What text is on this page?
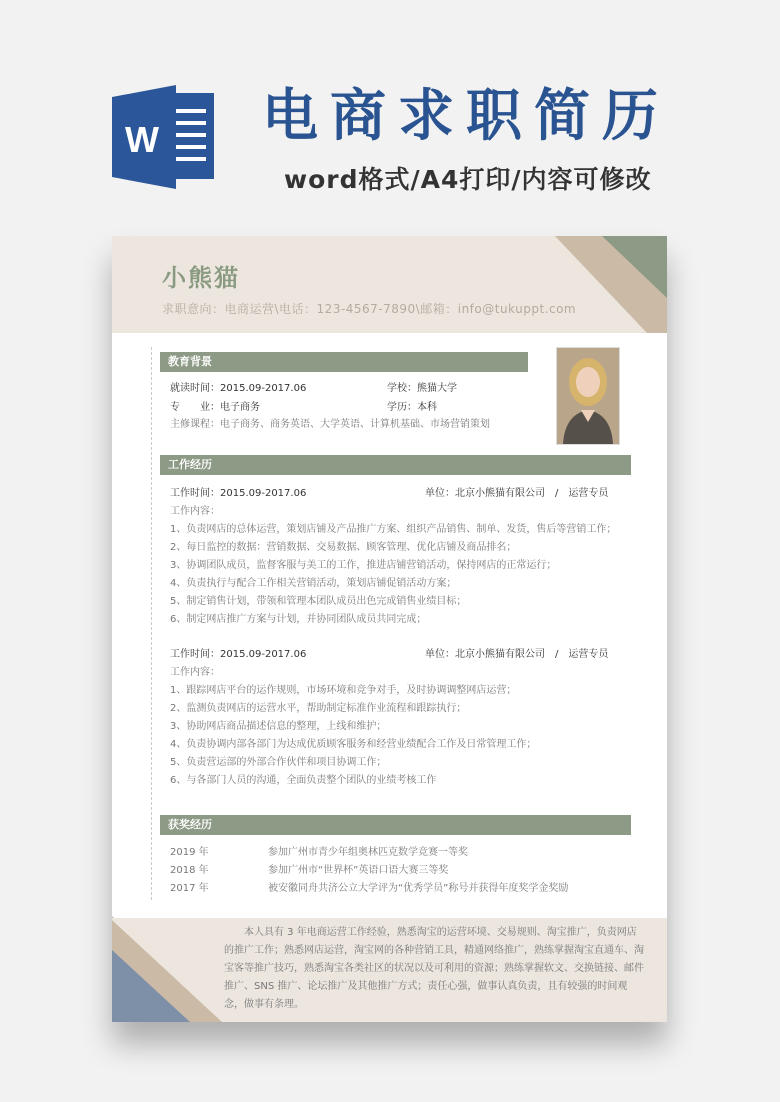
W 电商求职简历

word格式/A4打印/内容可修改

小熊猫
求职意向：电商运营\电话：123-4567-7890\邮箱：info@tukuppt.com
教育背景
就读时间：2015.09-2017.06	学校：熊猫大学
专　　业：电子商务	学历：本科
主修课程：电子商务、商务英语、大学英语、计算机基础、市场营销策划
工作经历
工作时间：2015.09-2017.06	单位：北京小熊猫有限公司　/　运营专员
工作内容：
1、负责网店的总体运营，策划店铺及产品推广方案、组织产品销售、制单、发货，售后等营销工作；
2、每日监控的数据：营销数据、交易数据、顾客管理、优化店铺及商品排名；
3、协调团队成员，监督客服与美工的工作，推进店铺营销活动，保持网店的正常运行；
4、负责执行与配合工作相关营销活动，策划店铺促销活动方案；
5、制定销售计划，带领和管理本团队成员出色完成销售业绩目标；
6、制定网店推广方案与计划，并协同团队成员共同完成；
工作时间：2015.09-2017.06	单位：北京小熊猫有限公司　/　运营专员
工作内容：
1、跟踪网店平台的运作规则，市场环境和竞争对手，及时协调调整网店运营；
2、监测负责网店的运营水平，帮助制定标准作业流程和跟踪执行；
3、协助网店商品描述信息的整理，上线和维护；
4、负责协调内部各部门为达成优质顾客服务和经营业绩配合工作及日常管理工作；
5、负责营运部的外部合作伙伴和项目协调工作；
6、与各部门人员的沟通，全面负责整个团队的业绩考核工作
获奖经历
2019 年	参加广州市青少年组奥林匹克数学竞赛一等奖
2018 年	参加广州市“世界杯”英语口语大赛三等奖
2017 年	被安徽同舟共济公立大学评为“优秀学员”称号并获得年度奖学金奖励

本人具有 3 年电商运营工作经验，熟悉淘宝的运营环境、交易规则、淘宝推广，负责网店的推广工作；熟悉网店运营，淘宝网的各种营销工具，精通网络推广，熟练掌握淘宝直通车、淘宝客等推广技巧，熟悉淘宝各类社区的状况以及可利用的资源；熟练掌握软文、交换链接、邮件推广、SNS 推广、论坛推广及其他推广方式；责任心强，做事认真负责，且有较强的时间观念，做事有条理。
